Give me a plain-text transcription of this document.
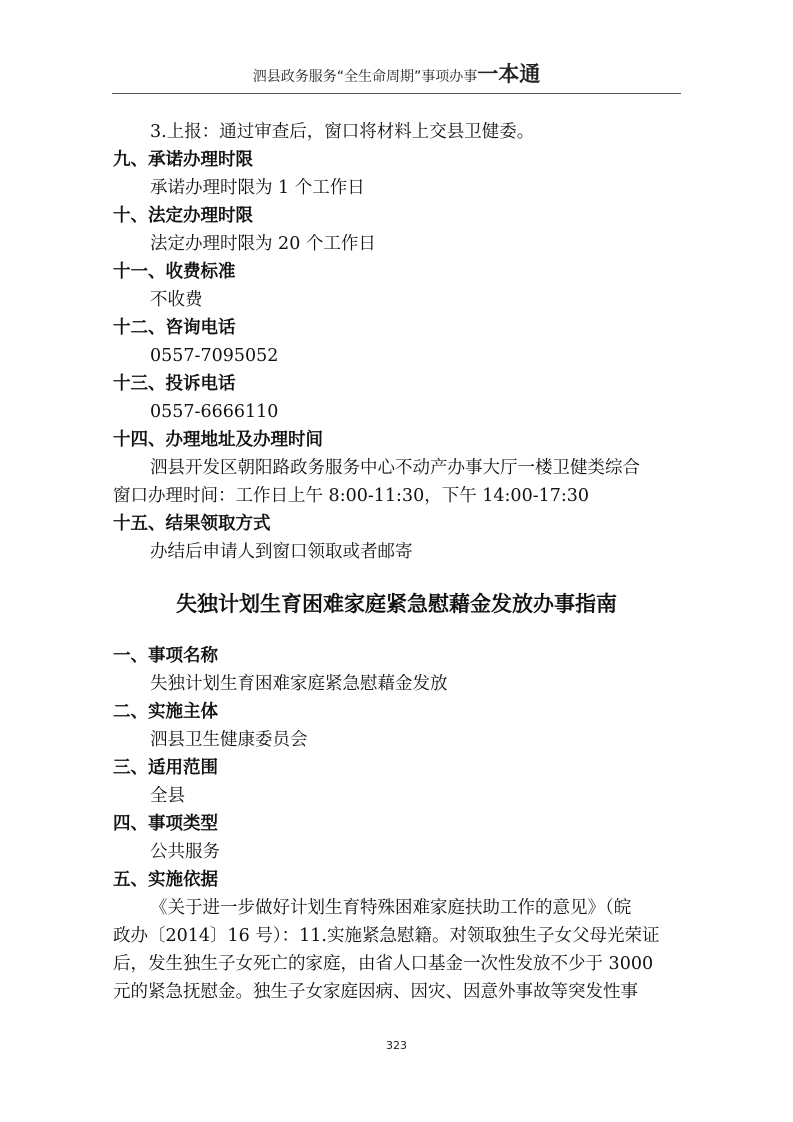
泗县政务服务“全生命周期”事项办事一本通
3.上报：通过审查后，窗口将材料上交县卫健委。
九、承诺办理时限
承诺办理时限为 1 个工作日
十、法定办理时限
法定办理时限为 20 个工作日
十一、收费标准
不收费
十二、咨询电话
0557-7095052
十三、投诉电话
0557-6666110
十四、办理地址及办理时间
泗县开发区朝阳路政务服务中心不动产办事大厅一楼卫健类综合
窗口办理时间：工作日上午 8:00-11:30，下午 14:00-17:30
十五、结果领取方式
办结后申请人到窗口领取或者邮寄
失独计划生育困难家庭紧急慰藉金发放办事指南
一、事项名称
失独计划生育困难家庭紧急慰藉金发放
二、实施主体
泗县卫生健康委员会
三、适用范围
全县
四、事项类型
公共服务
五、实施依据
《关于进一步做好计划生育特殊困难家庭扶助工作的意见》（皖
政办〔2014〕16 号）：11.实施紧急慰籍。对领取独生子女父母光荣证
后，发生独生子女死亡的家庭，由省人口基金一次性发放不少于 3000
元的紧急抚慰金。独生子女家庭因病、因灾、因意外事故等突发性事
323
